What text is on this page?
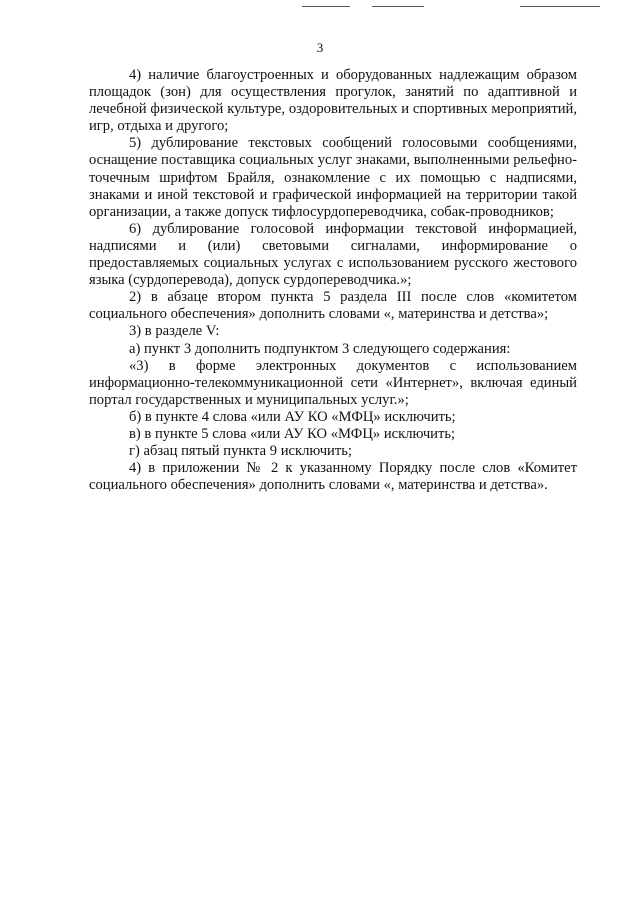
3

4) наличие благоустроенных и оборудованных надлежащим образом площадок (зон) для осуществления прогулок, занятий по адаптивной и лечебной физической культуре, оздоровительных и спортивных мероприятий, игр, отдыха и другого;

5) дублирование текстовых сообщений голосовыми сообщениями, оснащение поставщика социальных услуг знаками, выполненными рельефно-точечным шрифтом Брайля, ознакомление с их помощью с надписями, знаками и иной текстовой и графической информацией на территории такой организации, а также допуск тифлосурдопереводчика, собак-проводников;

6) дублирование голосовой информации текстовой информацией, надписями и (или) световыми сигналами, информирование о предоставляемых социальных услугах с использованием русского жестового языка (сурдоперевода), допуск сурдопереводчика.»;

2) в абзаце втором пункта 5 раздела III после слов «комитетом социального обеспечения» дополнить словами «, материнства и детства»;

3) в разделе V:

а) пункт 3 дополнить подпунктом 3 следующего содержания:

«3) в форме электронных документов с использованием информационно-телекоммуникационной сети «Интернет», включая единый портал государственных и муниципальных услуг.»;

б) в пункте 4 слова «или АУ КО «МФЦ» исключить;

в) в пункте 5 слова «или АУ КО «МФЦ» исключить;

г) абзац пятый пункта 9 исключить;

4) в приложении № 2 к указанному Порядку после слов «Комитет социального обеспечения» дополнить словами «, материнства и детства».
